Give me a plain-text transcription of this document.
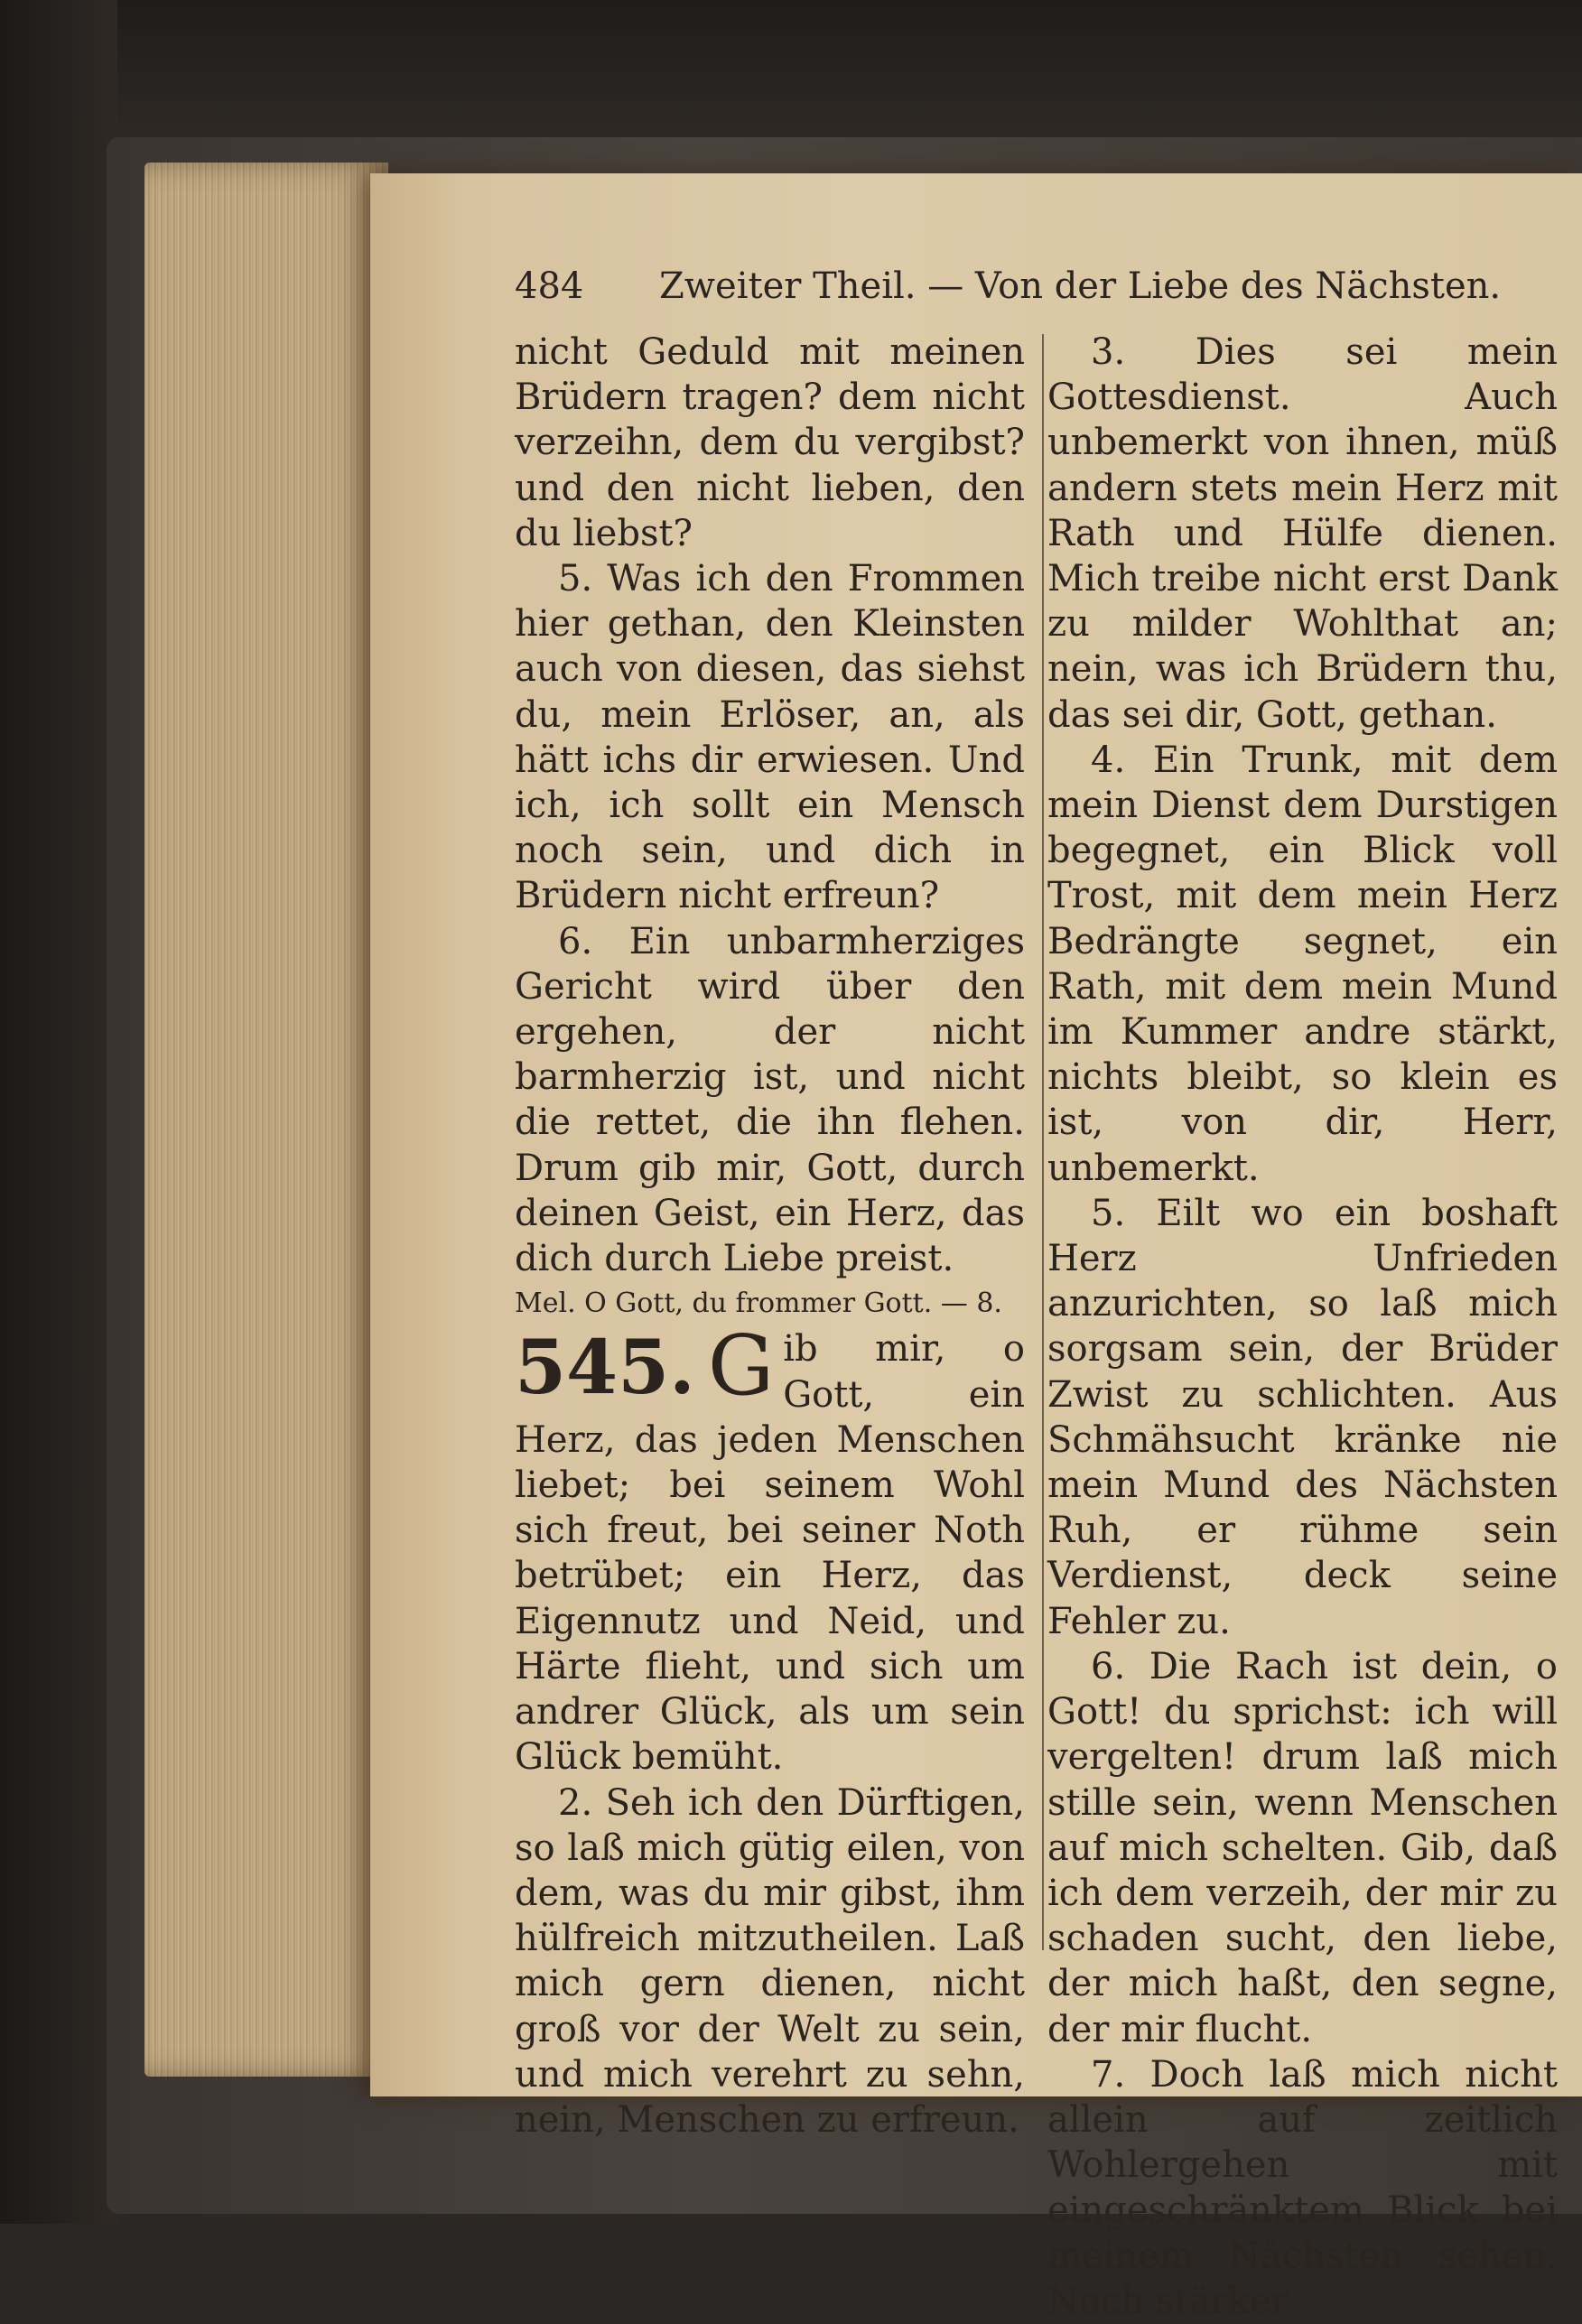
484 Zweiter Theil. — Von der Liebe des Nächsten.

nicht Geduld mit meinen Brüdern tragen? dem nicht verzeihn, dem du vergibst? und den nicht lieben, den du liebst?

5. Was ich den Frommen hier gethan, den Kleinsten auch von diesen, das siehst du, mein Erlöser, an, als hätt ichs dir erwiesen. Und ich, ich sollt ein Mensch noch sein, und dich in Brüdern nicht erfreun?

6. Ein unbarmherziges Gericht wird über den ergehen, der nicht barmherzig ist, und nicht die rettet, die ihn flehen. Drum gib mir, Gott, durch deinen Geist, ein Herz, das dich durch Liebe preist.

Mel. O Gott, du frommer Gott. — 8.

545. G ib mir, o Gott, ein Herz, das jeden Menschen liebet; bei seinem Wohl sich freut, bei seiner Noth betrübet; ein Herz, das Eigennutz und Neid, und Härte flieht, und sich um andrer Glück, als um sein Glück bemüht.

2. Seh ich den Dürftigen, so laß mich gütig eilen, von dem, was du mir gibst, ihm hülfreich mitzutheilen. Laß mich gern dienen, nicht groß vor der Welt zu sein, und mich verehrt zu sehn, nein, Menschen zu erfreun.

3. Dies sei mein Gottesdienst. Auch unbemerkt von ihnen, müß andern stets mein Herz mit Rath und Hülfe dienen. Mich treibe nicht erst Dank zu milder Wohlthat an; nein, was ich Brüdern thu, das sei dir, Gott, gethan.

4. Ein Trunk, mit dem mein Dienst dem Durstigen begegnet, ein Blick voll Trost, mit dem mein Herz Bedrängte segnet, ein Rath, mit dem mein Mund im Kummer andre stärkt, nichts bleibt, so klein es ist, von dir, Herr, unbemerkt.

5. Eilt wo ein boshaft Herz Unfrieden anzurichten, so laß mich sorgsam sein, der Brüder Zwist zu schlichten. Aus Schmähsucht kränke nie mein Mund des Nächsten Ruh, er rühme sein Verdienst, deck seine Fehler zu.

6. Die Rach ist dein, o Gott! du sprichst: ich will vergelten! drum laß mich stille sein, wenn Menschen auf mich schelten. Gib, daß ich dem verzeih, der mir zu schaden sucht, den liebe, der mich haßt, den segne, der mir flucht.

7. Doch laß mich nicht allein auf zeitlich Wohlergehen mit eingeschränktem Blick bei meinem Nächsten sehen. Noch stärker
